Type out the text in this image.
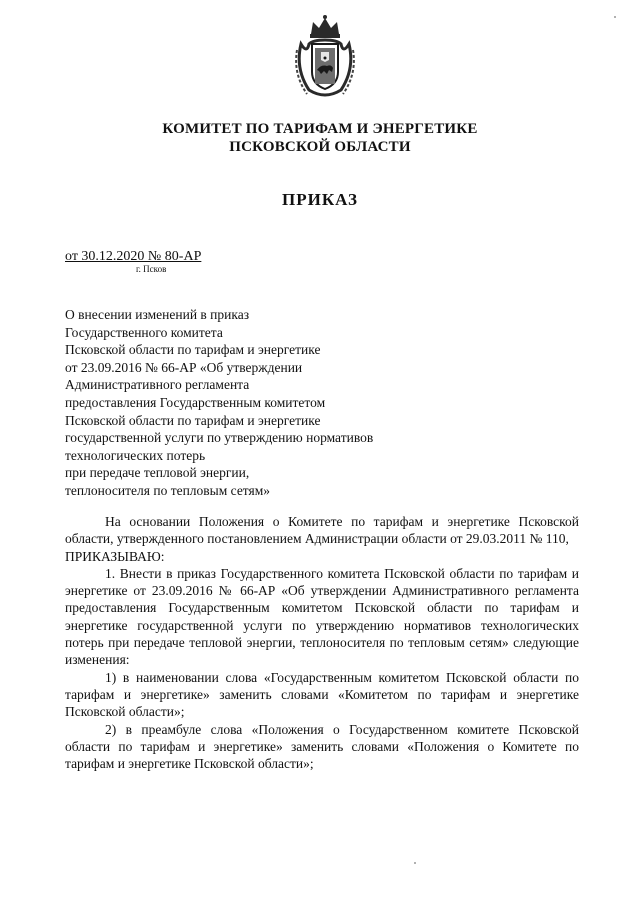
КОМИТЕТ ПО ТАРИФАМ И ЭНЕРГЕТИКЕ
ПСКОВСКОЙ ОБЛАСТИ
ПРИКАЗ
от 30.12.2020 № 80-АР
г. Псков
О внесении изменений в приказ
Государственного комитета
Псковской области по тарифам и энергетике
от 23.09.2016 № 66-АР «Об утверждении
Административного регламента
предоставления Государственным комитетом
Псковской области по тарифам и энергетике
государственной услуги по утверждению нормативов
технологических потерь
при передаче тепловой энергии,
теплоносителя по тепловым сетям»

На основании Положения о Комитете по тарифам и энергетике Псковской области, утвержденного постановлением Администрации области от 29.03.2011 № 110,

ПРИКАЗЫВАЮ:

1. Внести в приказ Государственного комитета Псковской области по тарифам и энергетике от 23.09.2016 № 66-АР «Об утверждении Административного регламента предоставления Государственным комитетом Псковской области по тарифам и энергетике государственной услуги по утверждению нормативов технологических потерь при передаче тепловой энергии, теплоносителя по тепловым сетям» следующие изменения:

1) в наименовании слова «Государственным комитетом Псковской области по тарифам и энергетике» заменить словами «Комитетом по тарифам и энергетике Псковской области»;

2) в преамбуле слова «Положения о Государственном комитете Псковской области по тарифам и энергетике» заменить словами «Положения о Комитете по тарифам и энергетике Псковской области»;
